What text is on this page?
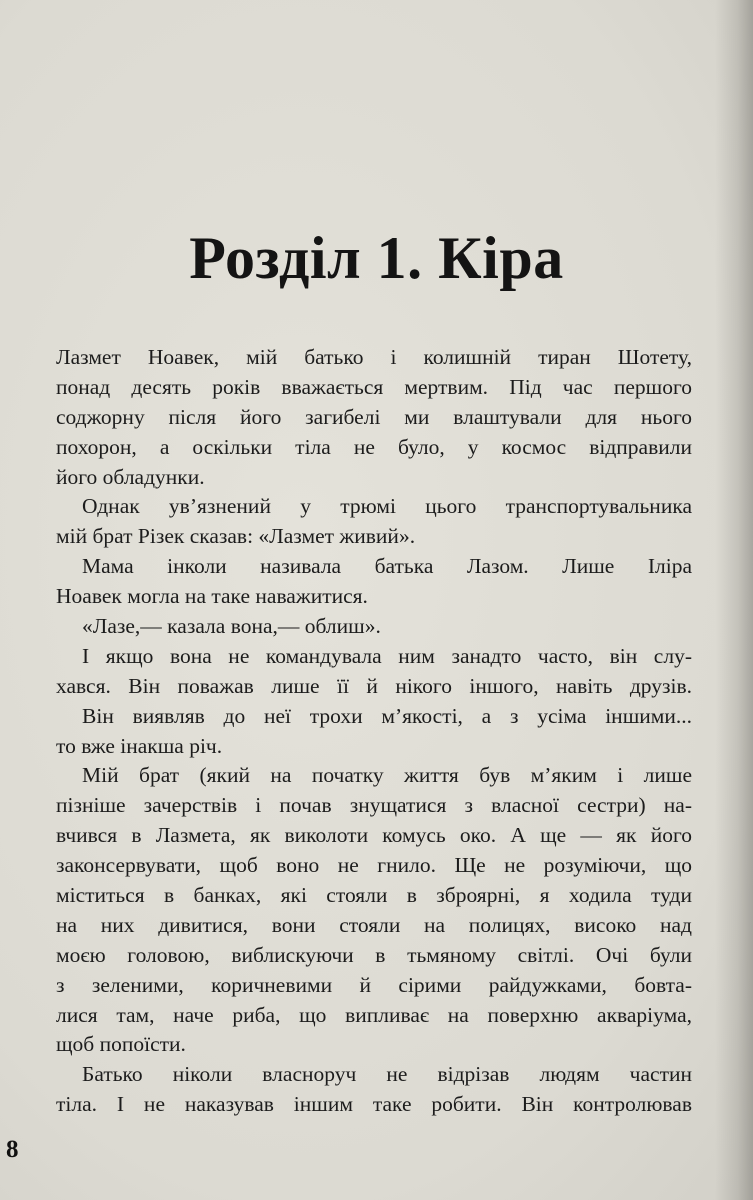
Розділ 1. Кіра
Лазмет Ноавек, мій батько і колишній тиран Шотету,
понад десять років вважається мертвим. Під час першого
соджорну після його загибелі ми влаштували для нього
похорон, а оскільки тіла не було, у космос відправили
його обладунки.
Однак ув’язнений у трюмі цього транспортувальника
мій брат Різек сказав: «Лазмет живий».
Мама інколи називала батька Лазом. Лише Іліра
Ноавек могла на таке наважитися.
«Лазе,— казала вона,— облиш».
І якщо вона не командувала ним занадто часто, він слу-
хався. Він поважав лише її й нікого іншого, навіть друзів.
Він виявляв до неї трохи м’якості, а з усіма іншими...
то вже інакша річ.
Мій брат (який на початку життя був м’яким і лише
пізніше зачерствів і почав знущатися з власної сестри) на-
вчився в Лазмета, як виколоти комусь око. А ще — як його
законсервувати, щоб воно не гнило. Ще не розуміючи, що
міститься в банках, які стояли в зброярні, я ходила туди
на них дивитися, вони стояли на полицях, високо над
моєю головою, виблискуючи в тьмяному світлі. Очі були
з зеленими, коричневими й сірими райдужками, бовта-
лися там, наче риба, що випливає на поверхню акваріума,
щоб попоїсти.
Батько ніколи власноруч не відрізав людям частин
тіла. І не наказував іншим таке робити. Він контролював
8
